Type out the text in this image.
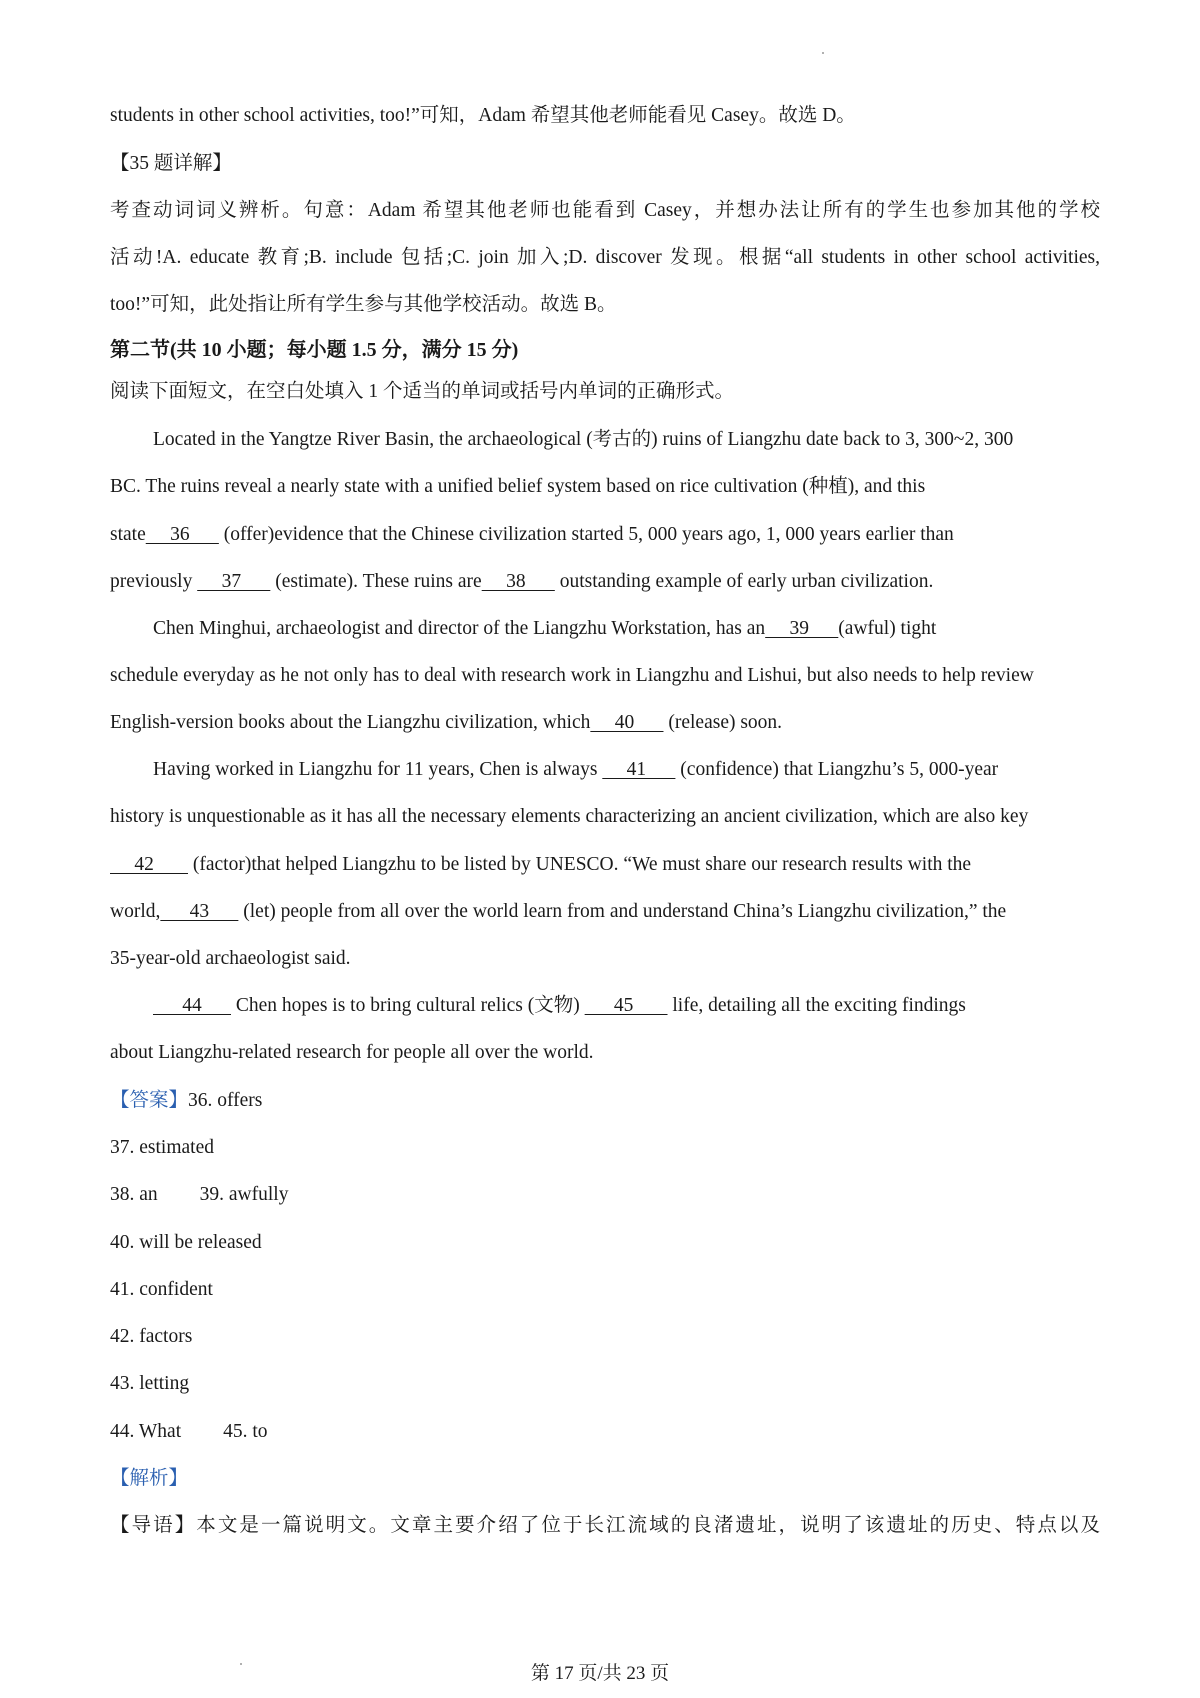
students in other school activities, too!”可知，Adam 希望其他老师能看见 Casey。故选 D。
【35 题详解】
考查动词词义辨析。句意：Adam 希望其他老师也能看到 Casey，并想办法让所有的学生也参加其他的学校
活动!A. educate 教育;B. include 包括;C. join 加入;D. discover 发现。根据“all students in other school activities,
too!”可知，此处指让所有学生参与其他学校活动。故选 B。
第二节(共 10 小题；每小题 1.5 分，满分 15 分)
阅读下面短文，在空白处填入 1 个适当的单词或括号内单词的正确形式。
Located in the Yangtze River Basin, the archaeological (考古的) ruins of Liangzhu date back to 3, 300~2, 300
BC. The ruins reveal a nearly state with a unified belief system based on rice cultivation (种植), and this
state     36       (offer)evidence that the Chinese civilization started 5, 000 years ago, 1, 000 years earlier than
previously      37       (estimate). These ruins are     38       outstanding example of early urban civilization.
Chen Minghui, archaeologist and director of the Liangzhu Workstation, has an     39      (awful) tight
schedule everyday as he not only has to deal with research work in Liangzhu and Lishui, but also needs to help review
English-version books about the Liangzhu civilization, which     40       (release) soon.
Having worked in Liangzhu for 11 years, Chen is always      41       (confidence) that Liangzhu’s 5, 000-year
history is unquestionable as it has all the necessary elements characterizing an ancient civilization, which are also key
42        (factor)that helped Liangzhu to be listed by UNESCO. “We must share our research results with the
world,      43       (let) people from all over the world learn from and understand China’s Liangzhu civilization,” the
35-year-old archaeologist said.
44       Chen hopes is to bring cultural relics (文物)       45        life, detailing all the exciting findings
about Liangzhu-related research for people all over the world.
【答案】36. offers
37. estimated
38. an 39. awfully
40. will be released
41. confident
42. factors
43. letting
44. What 45. to
【解析】
【导语】本文是一篇说明文。文章主要介绍了位于长江流域的良渚遗址，说明了该遗址的历史、特点以及
第 17 页/共 23 页
